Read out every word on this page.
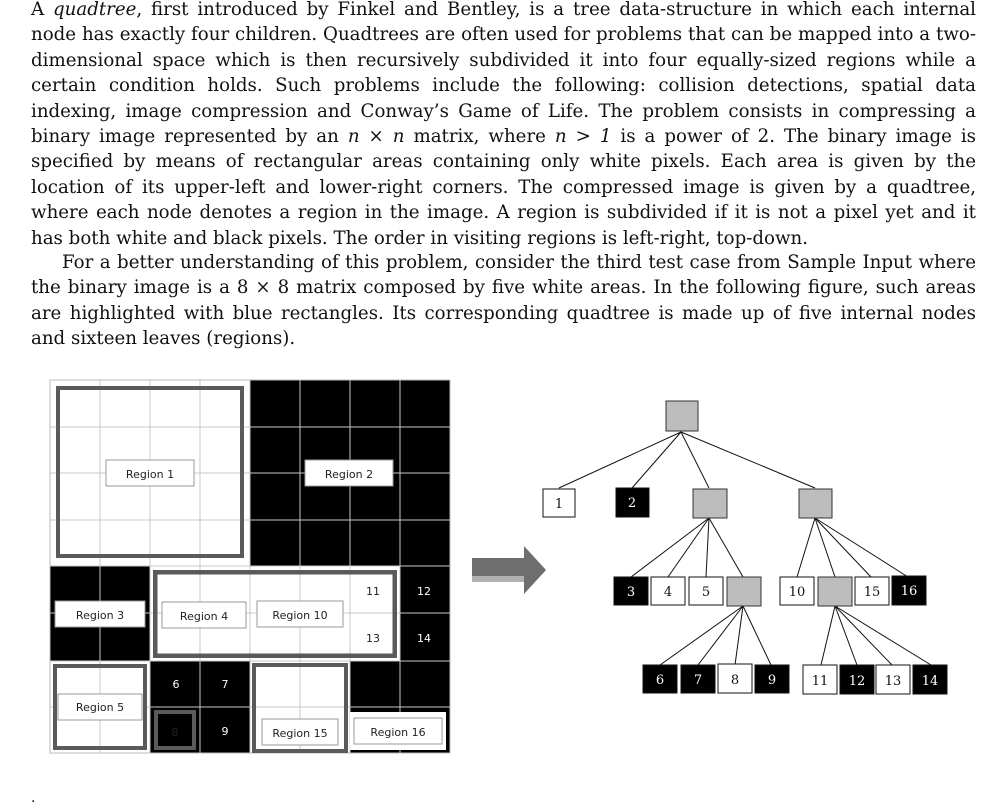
A quadtree, first introduced by Finkel and Bentley, is a tree data-structure in which each internal node has exactly four children. Quadtrees are often used for problems that can be mapped into a two-dimensional space which is then recursively subdivided it into four equally-sized regions while a certain condition holds. Such problems include the following: collision detections, spatial data indexing, image compression and Conway’s Game of Life. The problem consists in compressing a binary image represented by an n × n matrix, where n > 1 is a power of 2. The binary image is specified by means of rectangular areas containing only white pixels. Each area is given by the location of its upper-left and lower-right corners. The compressed image is given by a quadtree, where each node denotes a region in the image. A region is subdivided if it is not a pixel yet and it has both white and black pixels. The order in visiting regions is left-right, top-down.

For a better understanding of this problem, consider the third test case from Sample Input where the binary image is a 8 × 8 matrix composed by five white areas. In the following figure, such areas are highlighted with blue rectangles. Its corresponding quadtree is made up of five internal nodes and sixteen leaves (regions).

Region 1	Region 2
Region 3	Region 4	Region 10
Region 5
Region 15	Region 16
11	12
13	14
6	7
8	9
1	2
3 4 5	10	15 16
6 7 8 9	11 12 13 14
.
